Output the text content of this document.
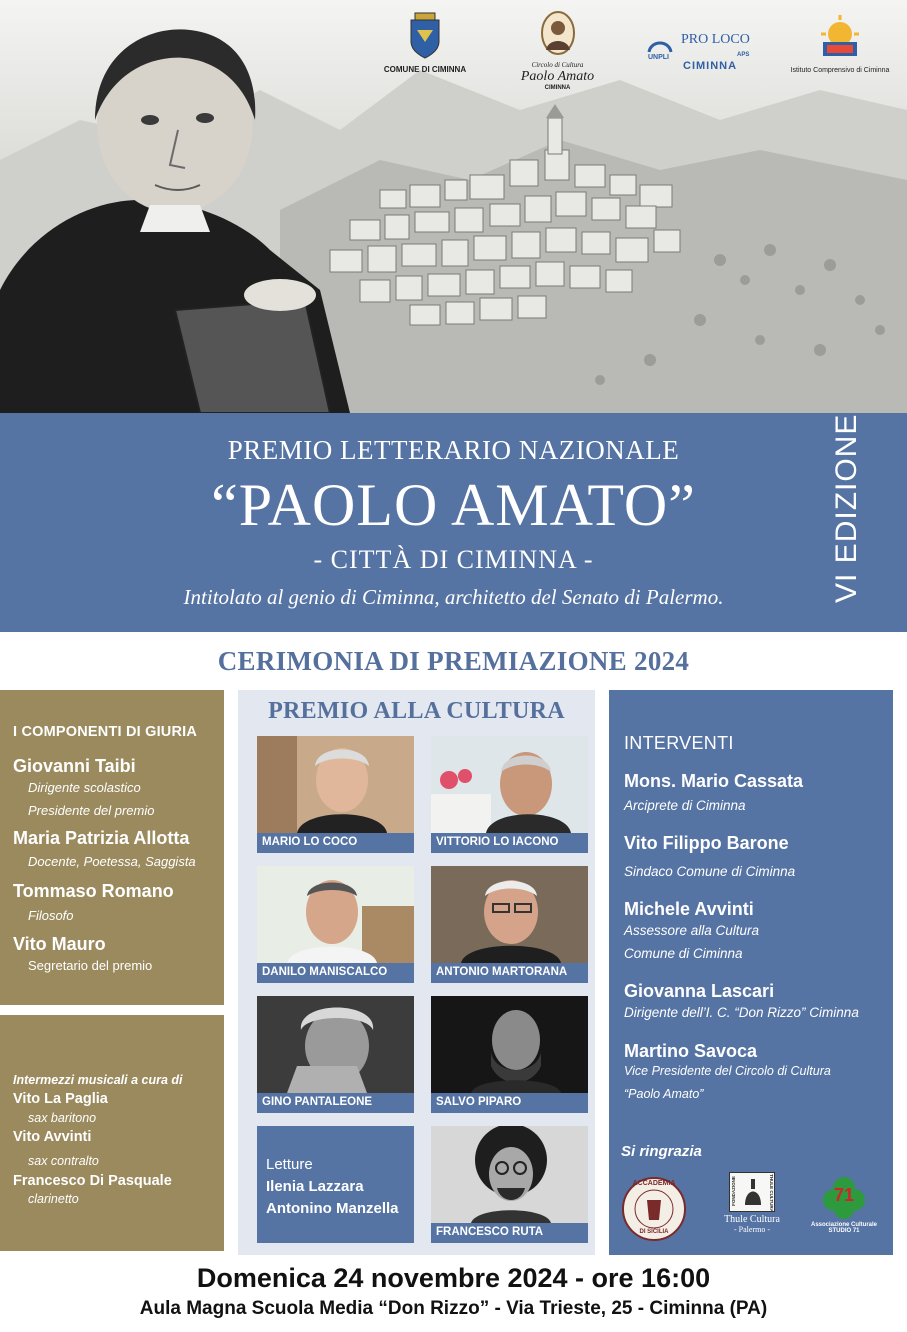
COMUNE DI CIMINNA	Circolo di Cultura
Paolo Amato
CIMINNA
UNPLI
PRO LOCO
APS
CIMINNA	Istituto Comprensivo di Ciminna
PREMIO LETTERARIO NAZIONALE
“PAOLO AMATO”
- CITTÀ DI CIMINNA -
Intitolato al genio di Ciminna, architetto del Senato di Palermo.	VI EDIZIONE
CERIMONIA DI PREMIAZIONE 2024
I COMPONENTI DI GIURIA
Giovanni Taibi
Dirigente scolastico
Presidente del premio
Maria Patrizia Allotta
Docente, Poetessa, Saggista
Tommaso Romano
Filosofo
Vito Mauro
Segretario del premio
Intermezzi musicali a cura di
Vito La Paglia
sax baritono
Vito Avvinti
sax contralto
Francesco Di Pasquale
clarinetto
PREMIO ALLA CULTURA
MARIO LO COCO	VITTORIO LO IACONO
DANILO MANISCALCO	ANTONIO MARTORANA
GINO PANTALEONE	SALVO PIPARO
Letture
Ilenia Lazzara
Antonino Manzella
FRANCESCO RUTA
INTERVENTI
Mons. Mario Cassata
Arciprete di Ciminna
Vito Filippo Barone
Sindaco Comune di Ciminna
Michele Avvinti
Assessore alla Cultura
Comune di Ciminna
Giovanna Lascari
Dirigente dell’I. C. “Don Rizzo” Ciminna
Martino Savoca
Vice Presidente del Circolo di Cultura
“Paolo Amato”
Si ringrazia
ACCADEMIA
DI SICILIA
FONDAZIONE	THULE CULTURA
Thule Cultura
- Palermo -
71
Associazione Culturale
STUDIO 71
Domenica 24 novembre 2024 - ore 16:00
Aula Magna Scuola Media “Don Rizzo” - Via Trieste, 25 - Ciminna (PA)
